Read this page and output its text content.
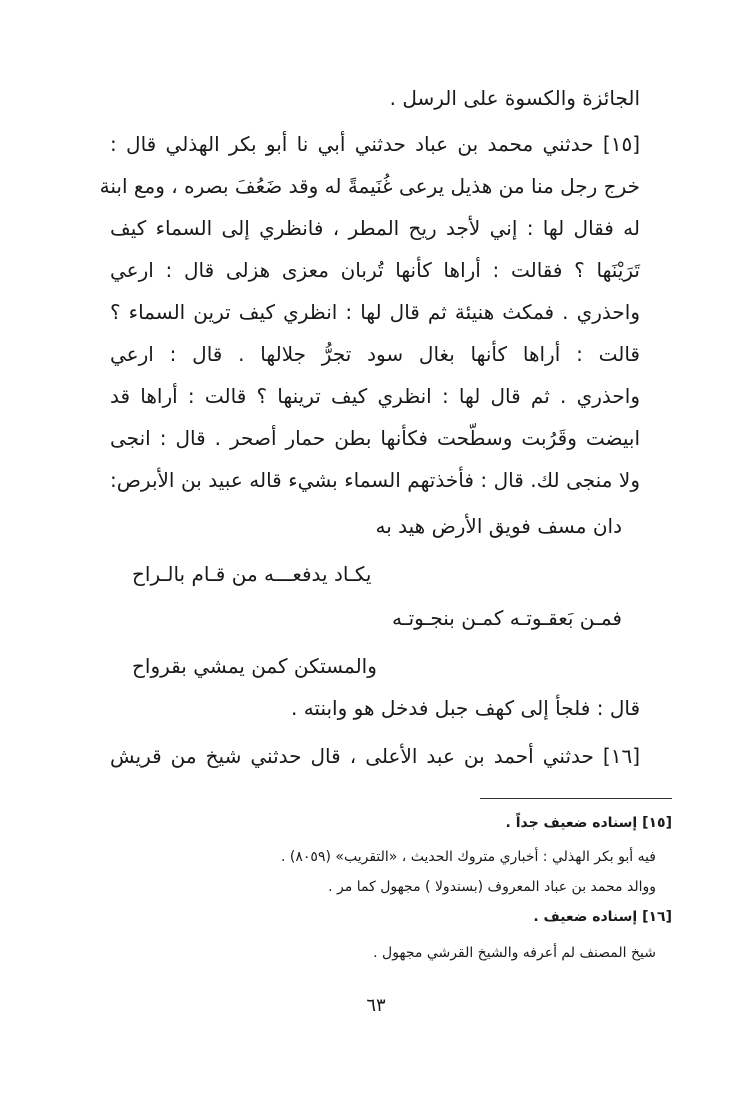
الجائزة والكسوة على الرسل .
[١٥] حدثني محمد بن عباد حدثني أبي نا أبو بكر الهذلي قال :
خرج رجل منا من هذيل يرعى غُنَيمةً له وقد ضَعُفَ بصره ، ومع ابنة
له فقال لها : إني لأجد ريح المطر ، فانظري إلى السماء كيف
تَرَيْنَها ؟ فقالت : أراها كأنها تُربان معزى هزلى قال : ارعي
واحذري . فمكث هنيئة ثم قال لها : انظري كيف ترين السماء ؟
قالت : أراها كأنها بغال سود تجرُّ جلالها . قال : ارعي
واحذري . ثم قال لها : انظري كيف ترينها ؟ قالت : أراها قد
ابيضت وقَرُبت وسطّحت فكأنها بطن حمار أصحر . قال : انجى
ولا منجى لك. قال : فأخذتهم السماء بشيء قاله عبيد بن الأبرص:
دان مسف فويق الأرض هيد به
يكـاد يدفعـــه من قـام بالـراح
فمـن بَعقـوتـه كمـن بنجـوتـه
والمستكن كمن يمشي بقرواح
قال : فلجأ إلى كهف جبل فدخل هو وابنته .
[١٦] حدثني أحمد بن عبد الأعلى ، قال حدثني شيخ من قريش
[١٥] إسناده ضعيف جداً .
فيه أبو بكر الهذلي : أخباري متروك الحديث ، «التقريب» (٨٠٥٩) .
ووالد محمد بن عباد المعروف (بسندولا ) مجهول كما مر .
[١٦] إسناده ضعيف .
شيخ المصنف لم أعرفه والشيخ القرشي مجهول .
٦٣
